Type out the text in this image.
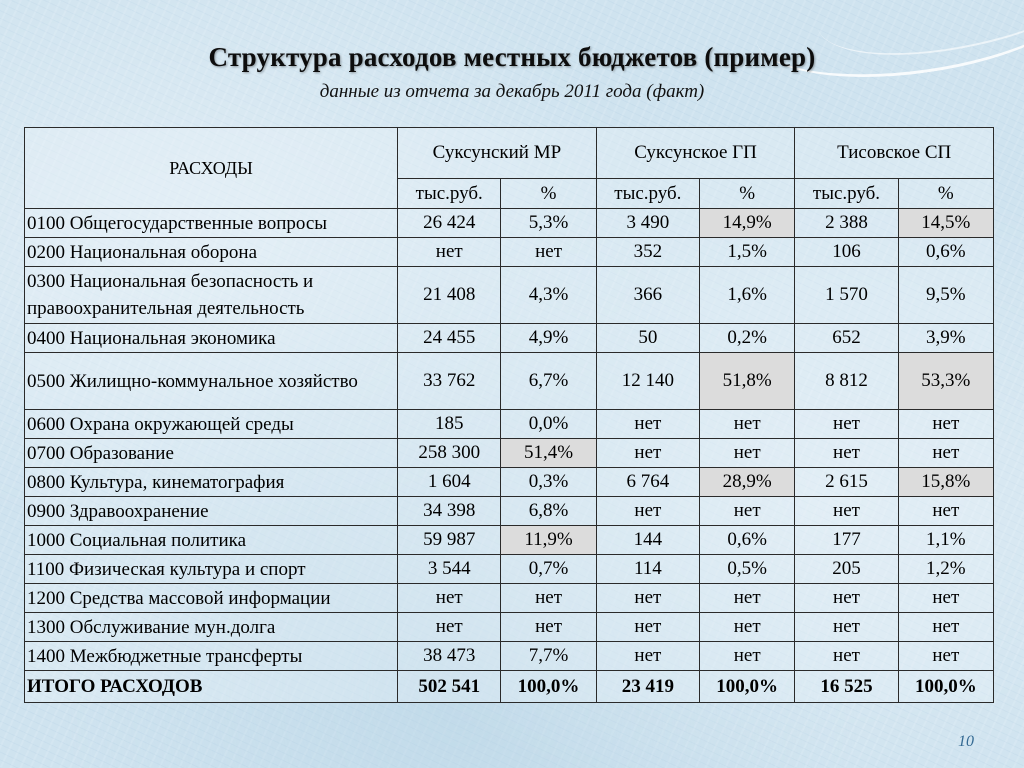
Структура расходов местных бюджетов (пример)
данные из отчета за декабрь 2011 года (факт)
РАСХОДЫ	Суксунский МР		Суксунское ГП		Тисовское СП	
	тыс.руб.	%	тыс.руб.	%	тыс.руб.	%
0100 Общегосударственные вопросы	26 424	5,3%	3 490	14,9%	2 388	14,5%
0200 Национальная оборона	нет	нет	352	1,5%	106	0,6%
0300 Национальная безопасность и правоохранительная деятельность	21 408	4,3%	366	1,6%	1 570	9,5%
0400 Национальная экономика	24 455	4,9%	50	0,2%	652	3,9%
0500 Жилищно-коммунальное хозяйство	33 762	6,7%	12 140	51,8%	8 812	53,3%
0600 Охрана окружающей среды	185	0,0%	нет	нет	нет	нет
0700 Образование	258 300	51,4%	нет	нет	нет	нет
0800 Культура, кинематография	1 604	0,3%	6 764	28,9%	2 615	15,8%
0900 Здравоохранение	34 398	6,8%	нет	нет	нет	нет
1000 Социальная политика	59 987	11,9%	144	0,6%	177	1,1%
1100 Физическая культура и спорт	3 544	0,7%	114	0,5%	205	1,2%
1200 Средства массовой информации	нет	нет	нет	нет	нет	нет
1300 Обслуживание мун.долга	нет	нет	нет	нет	нет	нет
1400 Межбюджетные трансферты	38 473	7,7%	нет	нет	нет	нет
ИТОГО РАСХОДОВ	502 541	100,0%	23 419	100,0%	16 525	100,0%
10
